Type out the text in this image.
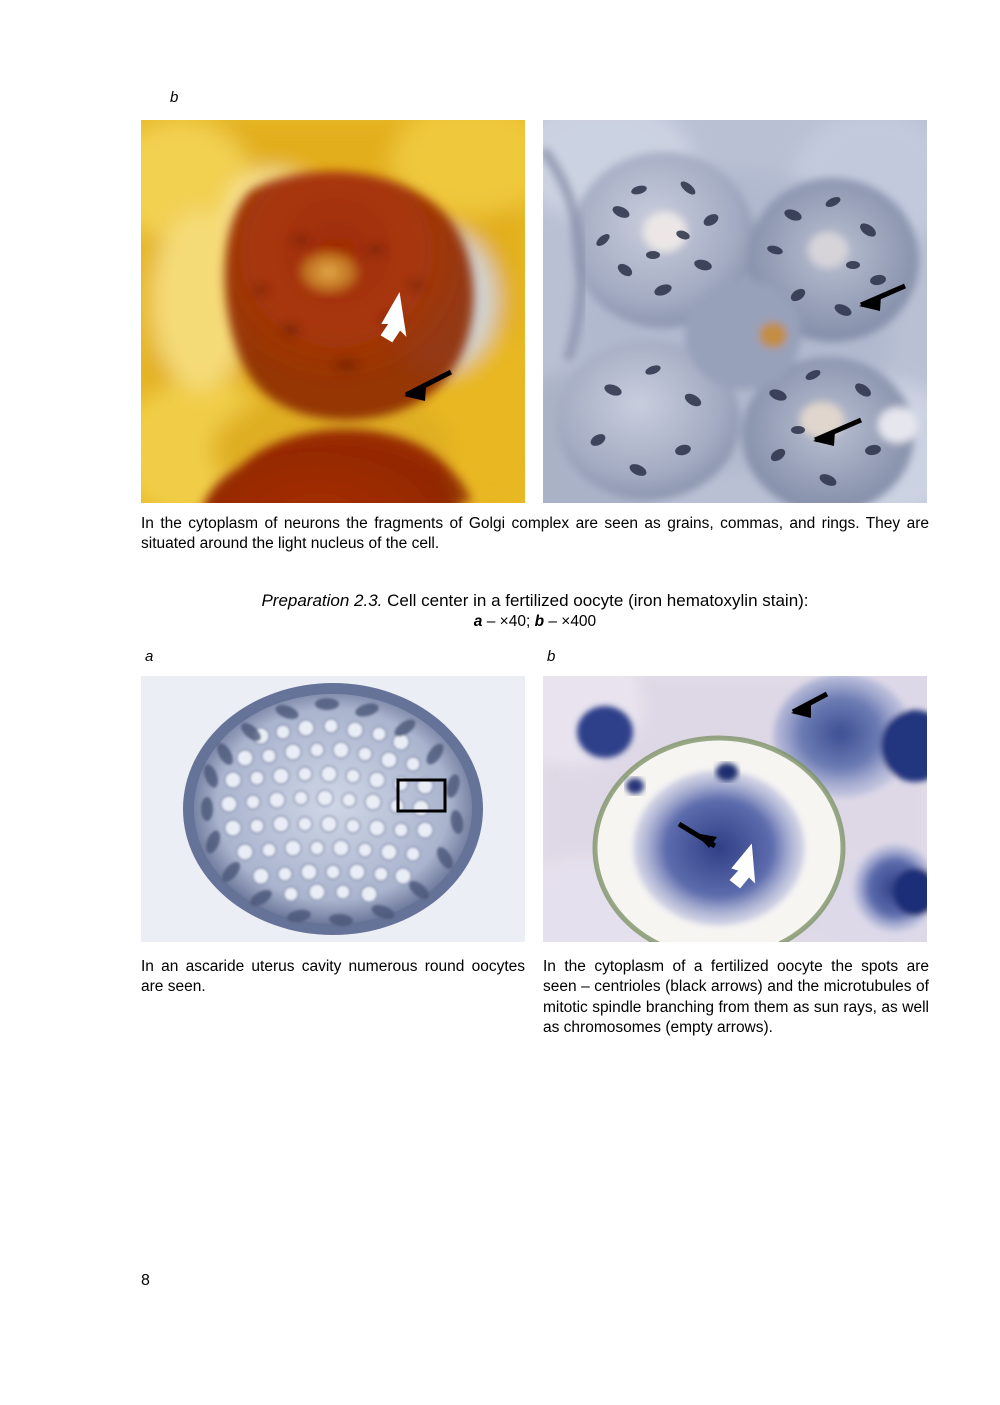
b
In the cytoplasm of neurons the fragments of Golgi complex are seen as grains, commas, and rings. They are situated around the light nucleus of the cell.
Preparation 2.3. Cell center in a fertilized oocyte (iron hematoxylin stain):
a – ×40; b – ×400
a	b
In an ascaride uterus cavity numerous round oocytes are seen.
In the cytoplasm of a fertilized oocyte the spots are seen – centrioles (black arrows) and the microtubules of mitotic spindle branching from them as sun rays, as well as chromosomes (empty arrows).
8
